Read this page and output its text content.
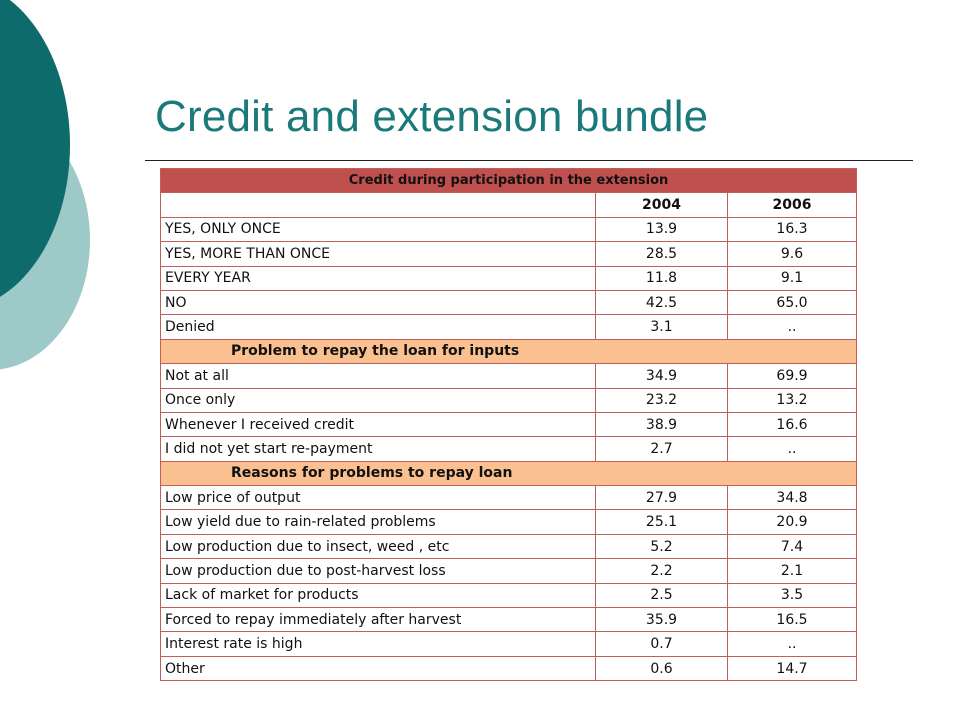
Credit and extension bundle
Credit during participation in the extension		
	2004	2006
YES, ONLY ONCE	13.9	16.3
YES, MORE THAN ONCE	28.5	9.6
EVERY YEAR	11.8	9.1
NO	42.5	65.0
Denied	3.1	..
Problem to repay the loan for inputs		
Not at all	34.9	69.9
Once only	23.2	13.2
Whenever I received credit	38.9	16.6
I did not yet start re-payment	2.7	..
Reasons for problems to repay loan		
Low price of output	27.9	34.8
Low yield due to rain-related problems	25.1	20.9
Low production due to insect, weed , etc	5.2	7.4
Low production due to post-harvest loss	2.2	2.1
Lack of market for products	2.5	3.5
Forced to repay immediately after harvest	35.9	16.5
Interest rate is high	0.7	..
Other	0.6	14.7
